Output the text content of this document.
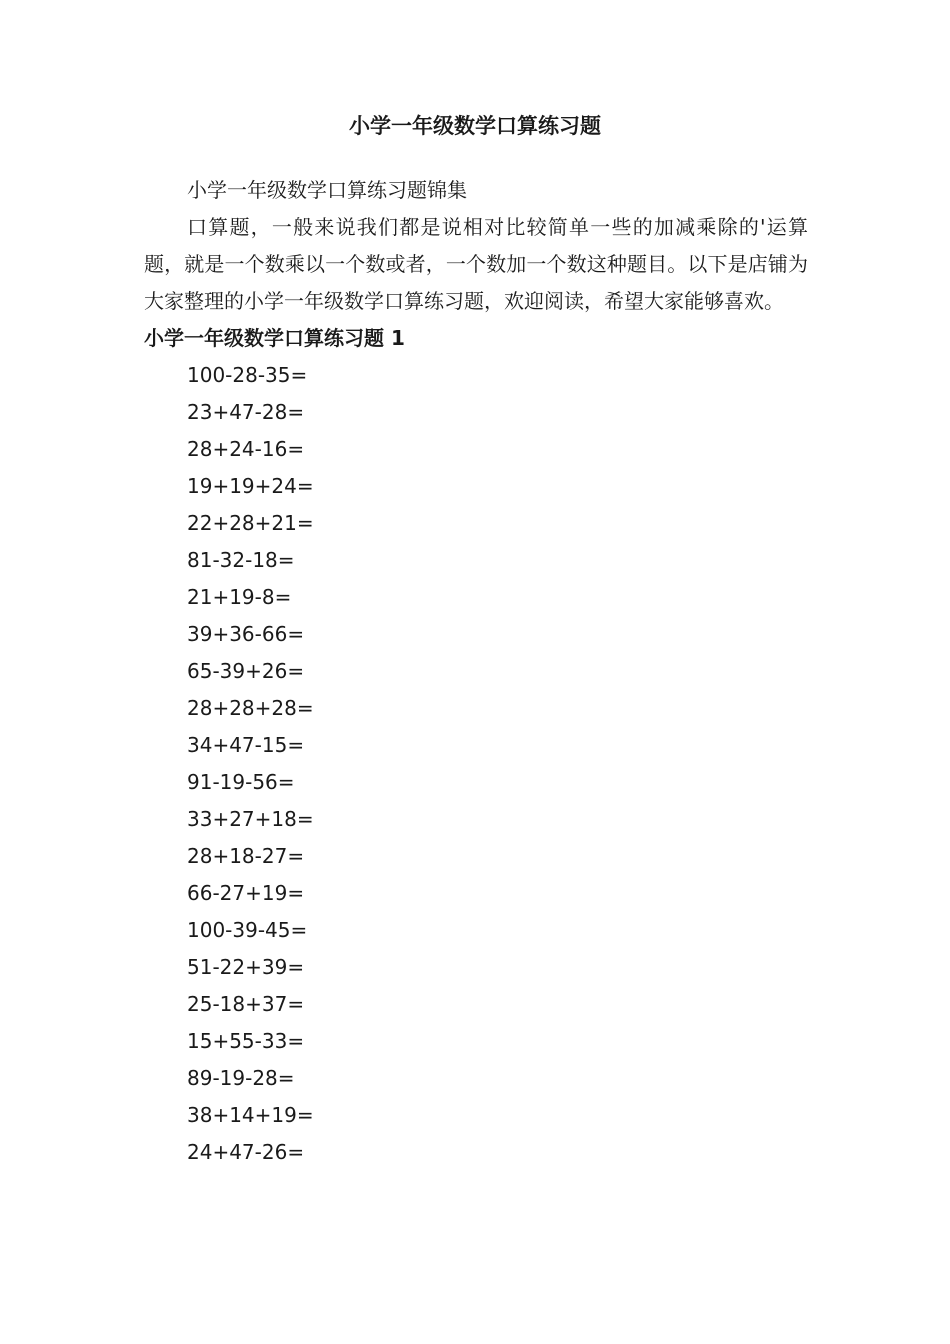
小学一年级数学口算练习题

小学一年级数学口算练习题锦集

口算题，一般来说我们都是说相对比较简单一些的加减乘除的'运算题，就是一个数乘以一个数或者，一个数加一个数这种题目。以下是店铺为大家整理的小学一年级数学口算练习题，欢迎阅读，希望大家能够喜欢。

小学一年级数学口算练习题 1
100-28-35=
23+47-28=
28+24-16=
19+19+24=
22+28+21=
81-32-18=
21+19-8=
39+36-66=
65-39+26=
28+28+28=
34+47-15=
91-19-56=
33+27+18=
28+18-27=
66-27+19=
100-39-45=
51-22+39=
25-18+37=
15+55-33=
89-19-28=
38+14+19=
24+47-26=
